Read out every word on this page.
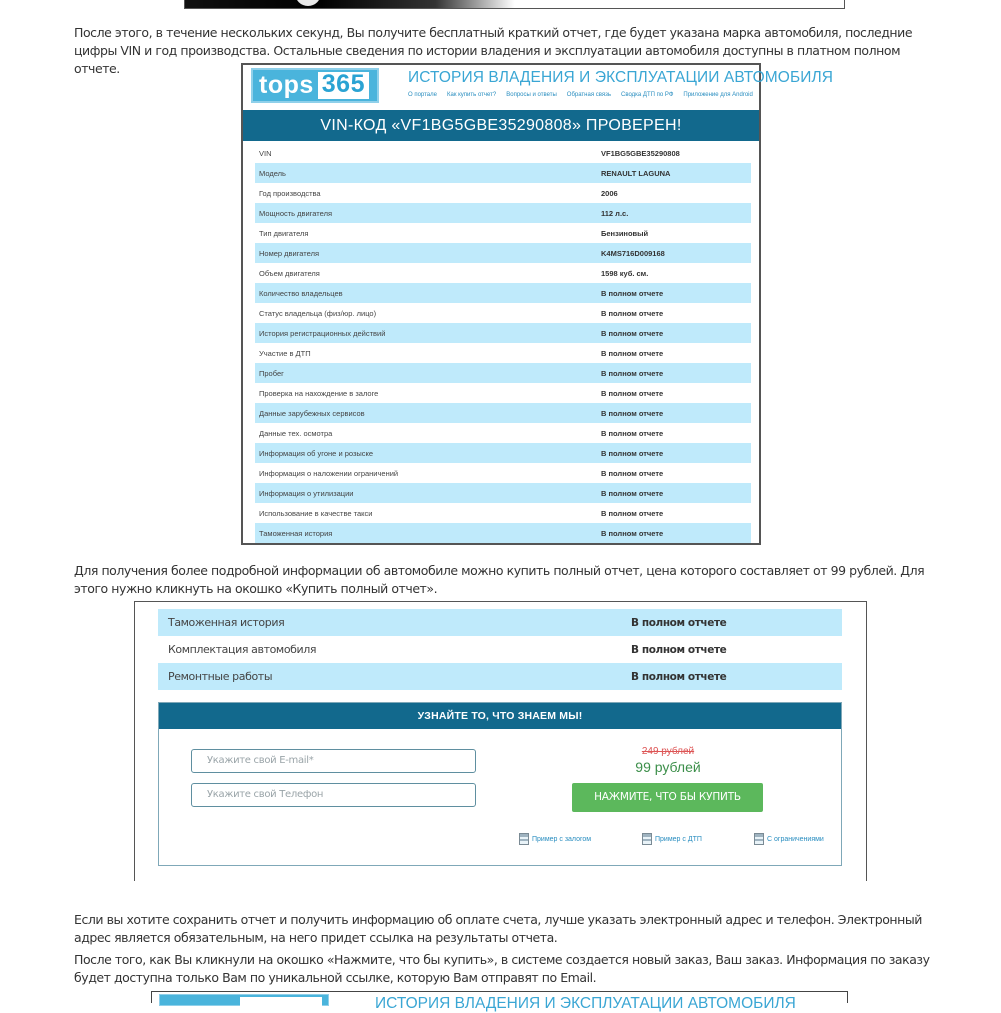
После этого, в течение нескольких секунд, Вы получите бесплатный краткий отчет, где будет указана марка автомобиля, последние цифры VIN и год производства. Остальные сведения по истории владения и эксплуатации автомобиля доступны в платном полном отчете.

tops 365	ИСТОРИЯ ВЛАДЕНИЯ И ЭКСПЛУАТАЦИИ АВТОМОБИЛЯ
О портале Как купить отчет? Вопросы и ответы Обратная связь Сводка ДТП по РФ Приложение для Android
VIN-КОД «VF1BG5GBE35290808» ПРОВЕРЕН!
VIN	VF1BG5GBE35290808
Модель	RENAULT LAGUNA
Год производства	2006
Мощность двигателя	112 л.с.
Тип двигателя	Бензиновый
Номер двигателя	K4MS716D009168
Объем двигателя	1598 куб. см.
Количество владельцев	В полном отчете
Статус владельца (физ/юр. лицо)	В полном отчете
История регистрационных действий	В полном отчете
Участие в ДТП	В полном отчете
Пробег	В полном отчете
Проверка на нахождение в залоге	В полном отчете
Данные зарубежных сервисов	В полном отчете
Данные тех. осмотра	В полном отчете
Информация об угоне и розыске	В полном отчете
Информация о наложении ограничений	В полном отчете
Информация о утилизации	В полном отчете
Использование в качестве такси	В полном отчете
Таможенная история	В полном отчете

Для получения более подробной информации об автомобиле можно купить полный отчет, цена которого составляет от 99 рублей. Для этого нужно кликнуть на окошко «Купить полный отчет».

Таможенная история	В полном отчете
Комплектация автомобиля	В полном отчете
Ремонтные работы	В полном отчете
УЗНАЙТЕ ТО, ЧТО ЗНАЕМ МЫ!
Укажите свой E-mail*
Укажите свой Телефон
249 рублей
99 рублей
НАЖМИТЕ, ЧТО БЫ КУПИТЬ
Пример с залогом	Пример с ДТП	С ограничениями

Если вы хотите сохранить отчет и получить информацию об оплате счета, лучше указать электронный адрес и телефон. Электронный адрес является обязательным, на него придет ссылка на результаты отчета.

После того, как Вы кликнули на окошко «Нажмите, что бы купить», в системе создается новый заказ, Ваш заказ. Информация по заказу будет доступна только Вам по уникальной ссылке, которую Вам отправят по Email.

ИСТОРИЯ ВЛАДЕНИЯ И ЭКСПЛУАТАЦИИ АВТОМОБИЛЯ
